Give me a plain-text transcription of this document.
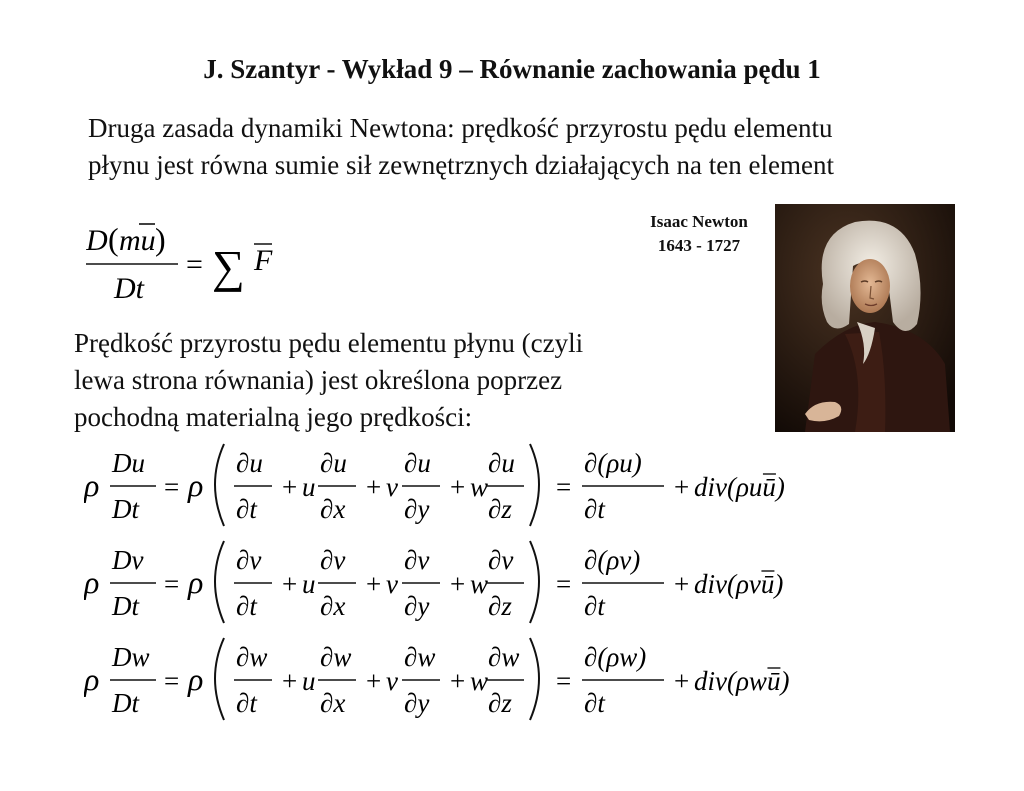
J. Szantyr - Wykład 9 – Równanie zachowania pędu 1
Druga zasada dynamiki Newtona: prędkość przyrostu pędu elementu
płynu jest równa sumie sił zewnętrznych działających na ten element
D ( mu )
Dt
= ∑ F
Isaac Newton
1643 - 1727
Prędkość przyrostu pędu elementu płynu (czyli
lewa strona równania) jest określona poprzez
pochodną materialną jego prędkości:
ρ
Du
Dt
= ρ
∂u
∂t
+ u
∂u
∂x
+ v
∂u
∂y
+ w
∂u
∂z
=
∂(ρu)
∂t
+ div(ρuū)
ρ
Dv
Dt
= ρ
∂v
∂t
+ u
∂v
∂x
+ v
∂v
∂y
+ w
∂v
∂z
=
∂(ρv)
∂t
+ div(ρvū)
ρ
Dw
Dt
= ρ
∂w
∂t
+ u
∂w
∂x
+ v
∂w
∂y
+ w
∂w
∂z
=
∂(ρw)
∂t
+ div(ρwū)
